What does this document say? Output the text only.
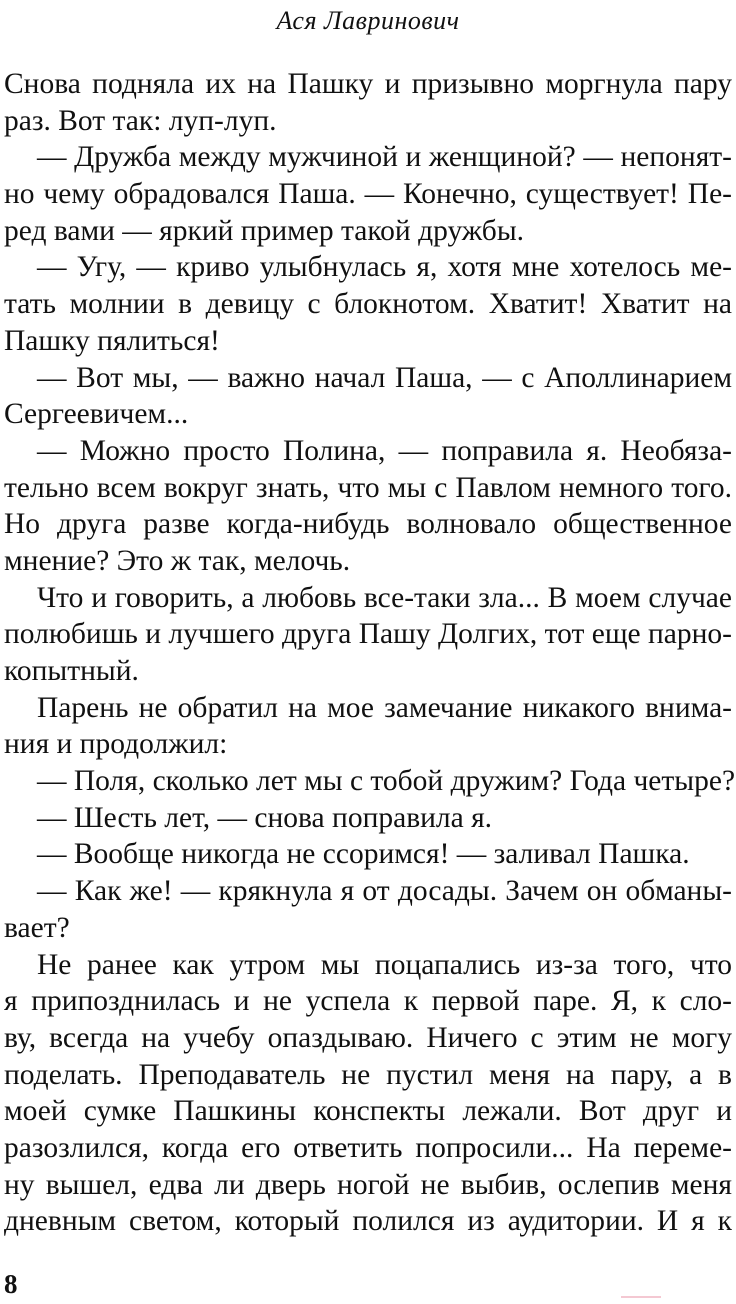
Ася Лавринович
Снова подняла их на Пашку и призывно моргнула пару
раз. Вот так: луп-луп.
— Дружба между мужчиной и женщиной? — непонят-
но чему обрадовался Паша. — Конечно, существует! Пе-
ред вами — яркий пример такой дружбы.
— Угу, — криво улыбнулась я, хотя мне хотелось ме-
тать молнии в девицу с блокнотом. Хватит! Хватит на
Пашку пялиться!
— Вот мы, — важно начал Паша, — с Аполлинарием
Сергеевичем...
— Можно просто Полина, — поправила я. Необяза-
тельно всем вокруг знать, что мы с Павлом немного того.
Но друга разве когда-нибудь волновало общественное
мнение? Это ж так, мелочь.
Что и говорить, а любовь все-таки зла... В моем случае
полюбишь и лучшего друга Пашу Долгих, тот еще парно-
копытный.
Парень не обратил на мое замечание никакого внима-
ния и продолжил:
— Поля, сколько лет мы с тобой дружим? Года четыре?
— Шесть лет, — снова поправила я.
— Вообще никогда не ссоримся! — заливал Пашка.
— Как же! — крякнула я от досады. Зачем он обманы-
вает?
Не ранее как утром мы поцапались из-за того, что
я припозднилась и не успела к первой паре. Я, к сло-
ву, всегда на учебу опаздываю. Ничего с этим не могу
поделать. Преподаватель не пустил меня на пару, а в
моей сумке Пашкины конспекты лежали. Вот друг и
разозлился, когда его ответить попросили... На переме-
ну вышел, едва ли дверь ногой не выбив, ослепив меня
дневным светом, который полился из аудитории. И я к
8
